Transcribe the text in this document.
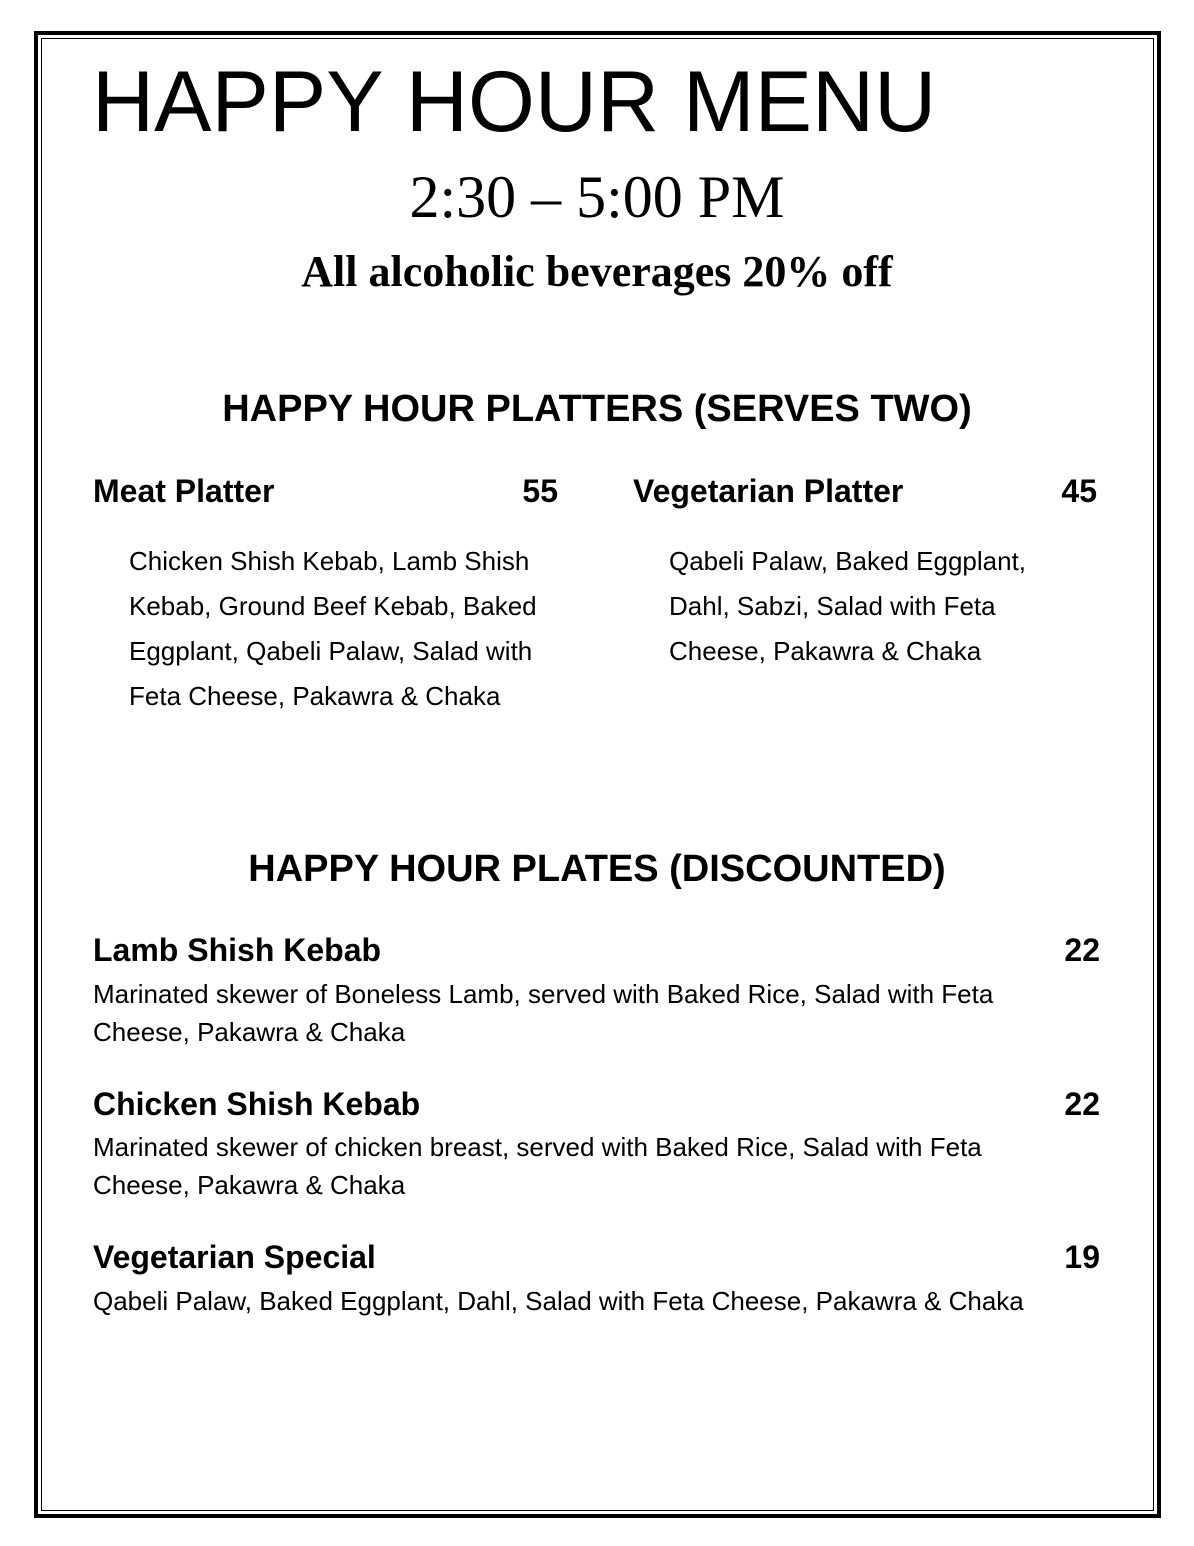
HAPPY HOUR MENU
2:30 – 5:00 PM
All alcoholic beverages 20% off
HAPPY HOUR PLATTERS (SERVES TWO)
Meat Platter	55
Chicken Shish Kebab, Lamb Shish Kebab, Ground Beef Kebab, Baked Eggplant, Qabeli Palaw, Salad with Feta Cheese, Pakawra & Chaka
Vegetarian Platter	45
Qabeli Palaw, Baked Eggplant, Dahl, Sabzi, Salad with Feta Cheese, Pakawra & Chaka
HAPPY HOUR PLATES (DISCOUNTED)
Lamb Shish Kebab	22
Marinated skewer of Boneless Lamb, served with Baked Rice, Salad with Feta Cheese, Pakawra & Chaka
Chicken Shish Kebab	22
Marinated skewer of chicken breast, served with Baked Rice, Salad with Feta Cheese, Pakawra & Chaka
Vegetarian Special	19
Qabeli Palaw, Baked Eggplant, Dahl, Salad with Feta Cheese, Pakawra & Chaka
